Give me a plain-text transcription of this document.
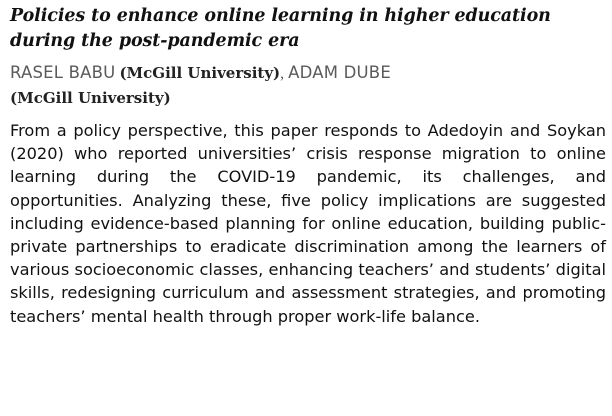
Policies to enhance online learning in higher education during the post-pandemic era
RASEL BABU (McGill University), ADAM DUBE
(McGill University)

From a policy perspective, this paper responds to Adedoyin and Soykan (2020) who reported universities’ crisis response migration to online learning during the COVID-19 pandemic, its challenges, and opportunities. Analyzing these, five policy implications are suggested including evidence-based planning for online education, building public-private partnerships to eradicate discrimination among the learners of various socioeconomic classes, enhancing teachers’ and students’ digital skills, redesigning curriculum and assessment strategies, and promoting teachers’ mental health through proper work-life balance.
